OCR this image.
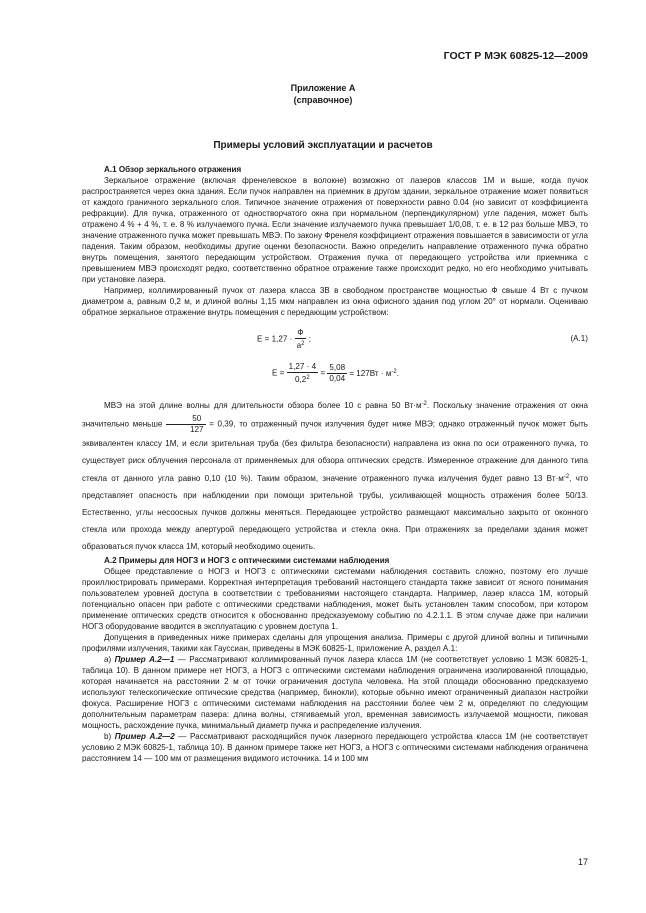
ГОСТ Р МЭК 60825-12—2009
Приложение А
(справочное)
Примеры условий эксплуатации и расчетов

А.1 Обзор зеркального отражения

Зеркальное отражение (включая френелевское в волокне) возможно от лазеров классов 1М и выше, когда пучок распространяется через окна здания. Если пучок направлен на приемник в другом здании, зеркальное отражение может появиться от каждого граничного зеркального слоя. Типичное значение отражения от поверхности равно 0.04 (но зависит от коэффициента рефракции). Для пучка, отраженного от одностворчатого окна при нормальном (перпендикулярном) угле падения, может быть отражено 4 % + 4 %, т. е. 8 % излучаемого пучка. Если значение излучаемого пучка превышает 1/0,08, т. е. в 12 раз больше МВЭ, то значение отраженного пучка может превышать МВЭ. По закону Френеля коэффициент отражения повышается в зависимости от угла падения. Таким образом, необходимы другие оценки безопасности. Важно определить направление отраженного пучка обратно внутрь помещения, занятого передающим устройством. Отражения пучка от передающего устройства или приемника с превышением МВЭ происходят редко, соответственно обратное отражение также происходит редко, но его необходимо учитывать при установке лазера.

Например, коллимированный пучок от лазера класса 3В в свободном пространстве мощностью Ф свыше 4 Вт с пучком диаметром a, равным 0,2 м, и длиной волны 1,15 мкм направлен из окна офисного здания под углом 20° от нормали. Оцениваю обратное зеркальное отражение внутрь помещения с передающим устройством:

$E = 1,27 \cdot \frac{Ф}{a^2}$ ;	(А.1)
$E = \frac{1,27 \cdot 4}{0,2^2} = \frac{5,08}{0,04} = 127Вт \cdot м^{-2}$.

МВЭ на этой длине волны для длительности обзора более 10 с равна 50 $Вт\cdot м^{-2}$. Поскольку значение отражения от окна значительно меньше $\frac{50}{127} = 0,39$, то отраженный пучок излучения будет ниже МВЭ; однако отраженный пучок может быть эквивалентен классу 1М, и если зрительная труба (без фильтра безопасности) направлена из окна по оси отраженного пучка, то существует риск облучения персонала от применяемых для обзора оптических средств. Измеренное отражение для данного типа стекла от данного угла равно 0,10 (10 %). Таким образом, значение отраженного пучка излучения будет равно 13 $Вт\cdot м^{-2}$, что представляет опасность при наблюдении при помощи зрительной трубы, усиливающей мощность отражения более 50/13. Естественно, углы несоосных пучков должны меняться. Передающее устройство размещают максимально закрыто от оконного стекла или прохода между апертурой передающего устройства и стекла окна. При отражениях за пределами здания может образоваться пучок класса 1М, который необходимо оценить.

А.2 Примеры для НОГЗ и НОГЗ с оптическими системами наблюдения

Общее представление о НОГЗ и НОГЗ с оптическими системами наблюдения составить сложно, поэтому его лучше проиллюстрировать примерами. Корректная интерпретация требований настоящего стандарта также зависит от ясного понимания пользователем уровней доступа в соответствии с требованиями настоящего стандарта. Например, лазер класса 1М, который потенциально опасен при работе с оптическими средствами наблюдения, может быть установлен таким способом, при котором применение оптических средств относится к обоснованно предсказуемому событию по 4.2.1.1. В этом случае даже при наличии НОГЗ оборудование вводится в эксплуатацию с уровнем доступа 1.

Допущения в приведенных ниже примерах сделаны для упрощения анализа. Примеры с другой длиной волны и типичными профилями излучения, такими как Гауссиан, приведены в МЭК 60825-1, приложение А, раздел А.1:

a) Пример А.2—1 — Рассматривают коллимированный пучок лазера класса 1М (не соответствует условию 1 МЭК 60825-1, таблица 10). В данном примере нет НОГЗ, а НОГЗ с оптическими системами наблюдения ограничена изолированной площадью, которая начинается на расстоянии 2 м от точки ограничения доступа человека. На этой площади обоснованно предсказуемо используют телескопические оптические средства (например, бинокли), которые обычно имеют ограниченный диапазон настройки фокуса. Расширение НОГЗ с оптическими системами наблюдения на расстоянии более чем 2 м, определяют по следующим дополнительным параметрам пазера: длина волны, стягиваемый угол, временная зависимость излучаемой мощности, пиковая мощность, расхождение пучка, минимальный диаметр пучка и распределение излучения.

b) Пример А.2—2 — Рассматривают расходящийся пучок лазерного передающего устройства класса 1М (не соответствует условию 2 МЭК 60825-1, таблица 10). В данном примере также нет НОГЗ, а НОГЗ с оптическими системами наблюдения ограничена расстоянием 14 — 100 мм от размещения видимого источника. 14 и 100 мм

17
